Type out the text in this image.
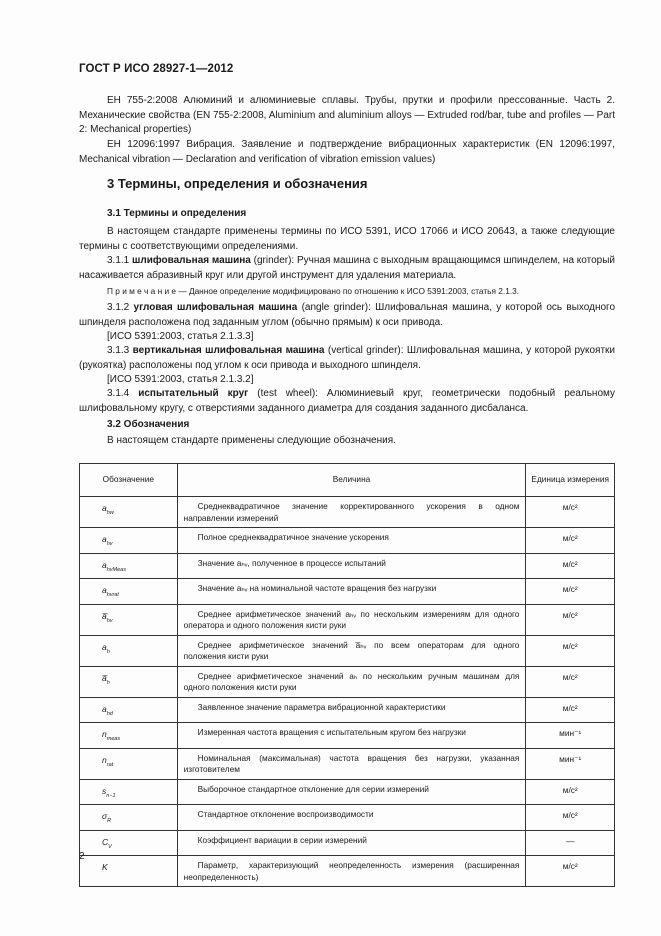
ГОСТ Р ИСО 28927-1—2012
ЕН 755-2:2008 Алюминий и алюминиевые сплавы. Трубы, прутки и профили прессованные. Часть 2. Механические свойства (EN 755-2:2008, Aluminium and aluminium alloys — Extruded rod/bar, tube and profiles — Part 2: Mechanical properties)
ЕН 12096:1997 Вибрация. Заявление и подтверждение вибрационных характеристик (EN 12096:1997, Mechanical vibration — Declaration and verification of vibration emission values)
3 Термины, определения и обозначения
3.1 Термины и определения
В настоящем стандарте применены термины по ИСО 5391, ИСО 17066 и ИСО 20643, а также следующие термины с соответствующими определениями.
3.1.1 шлифовальная машина (grinder): Ручная машина с выходным вращающимся шпинделем, на который насаживается абразивный круг или другой инструмент для удаления материала.
П р и м е ч а н и е — Данное определение модифицировано по отношению к ИСО 5391:2003, статья 2.1.3.
3.1.2 угловая шлифовальная машина (angle grinder): Шлифовальная машина, у которой ось выходного шпинделя расположена под заданным углом (обычно прямым) к оси привода.
[ИСО 5391:2003, статья 2.1.3.3]
3.1.3 вертикальная шлифовальная машина (vertical grinder): Шлифовальная машина, у которой рукоятки (рукоятка) расположены под углом к оси привода и выходного шпинделя.
[ИСО 5391:2003, статья 2.1.3.2]
3.1.4 испытательный круг (test wheel): Алюминиевый круг, геометрически подобный реальному шлифовальному кругу, с отверстиями заданного диаметра для создания заданного дисбаланса.
3.2 Обозначения
В настоящем стандарте применены следующие обозначения.
Обозначение	Величина	Единица измерения
$a_{hw}$	Среднеквадратичное значение корректированного ускорения в одном направлении измерений	м/с²
$a_{hv}$	Полное среднеквадратичное значение ускорения	м/с²
$a_{hvMeas}$	Значение aₕᵥ, полученное в процессе испытаний	м/с²
$a_{hvrat}$	Значение aₕᵥ на номинальной частоте вращения без нагрузки	м/с²
$a̅_{hv}$	Среднее арифметическое значений aₕᵥ по нескольким измерениям для одного оператора и одного положения кисти руки	м/с²
$a_h$	Среднее арифметическое значений a̅ₕᵥ по всем операторам для одного положения кисти руки	м/с²
$a̅_h$	Среднее арифметическое значений aₕ по нескольким ручным машинам для одного положения кисти руки	м/с²
$a_{hd}$	Заявленное значение параметра вибрационной характеристики	м/с²
$n_{meas}$	Измеренная частота вращения с испытательным кругом без нагрузки	мин⁻¹
$n_{rat}$	Номинальная (максимальная) частота вращения без нагрузки, указанная изготовителем	мин⁻¹
$s_{n-1}$	Выборочное стандартное отклонение для серии измерений	м/с²
$\sigma_R$	Стандартное отклонение воспроизводимости	м/с²
$C_V$	Коэффициент вариации в серии измерений	—
K	Параметр, характеризующий неопределенность измерения (расширенная неопределенность)	м/с²
2
